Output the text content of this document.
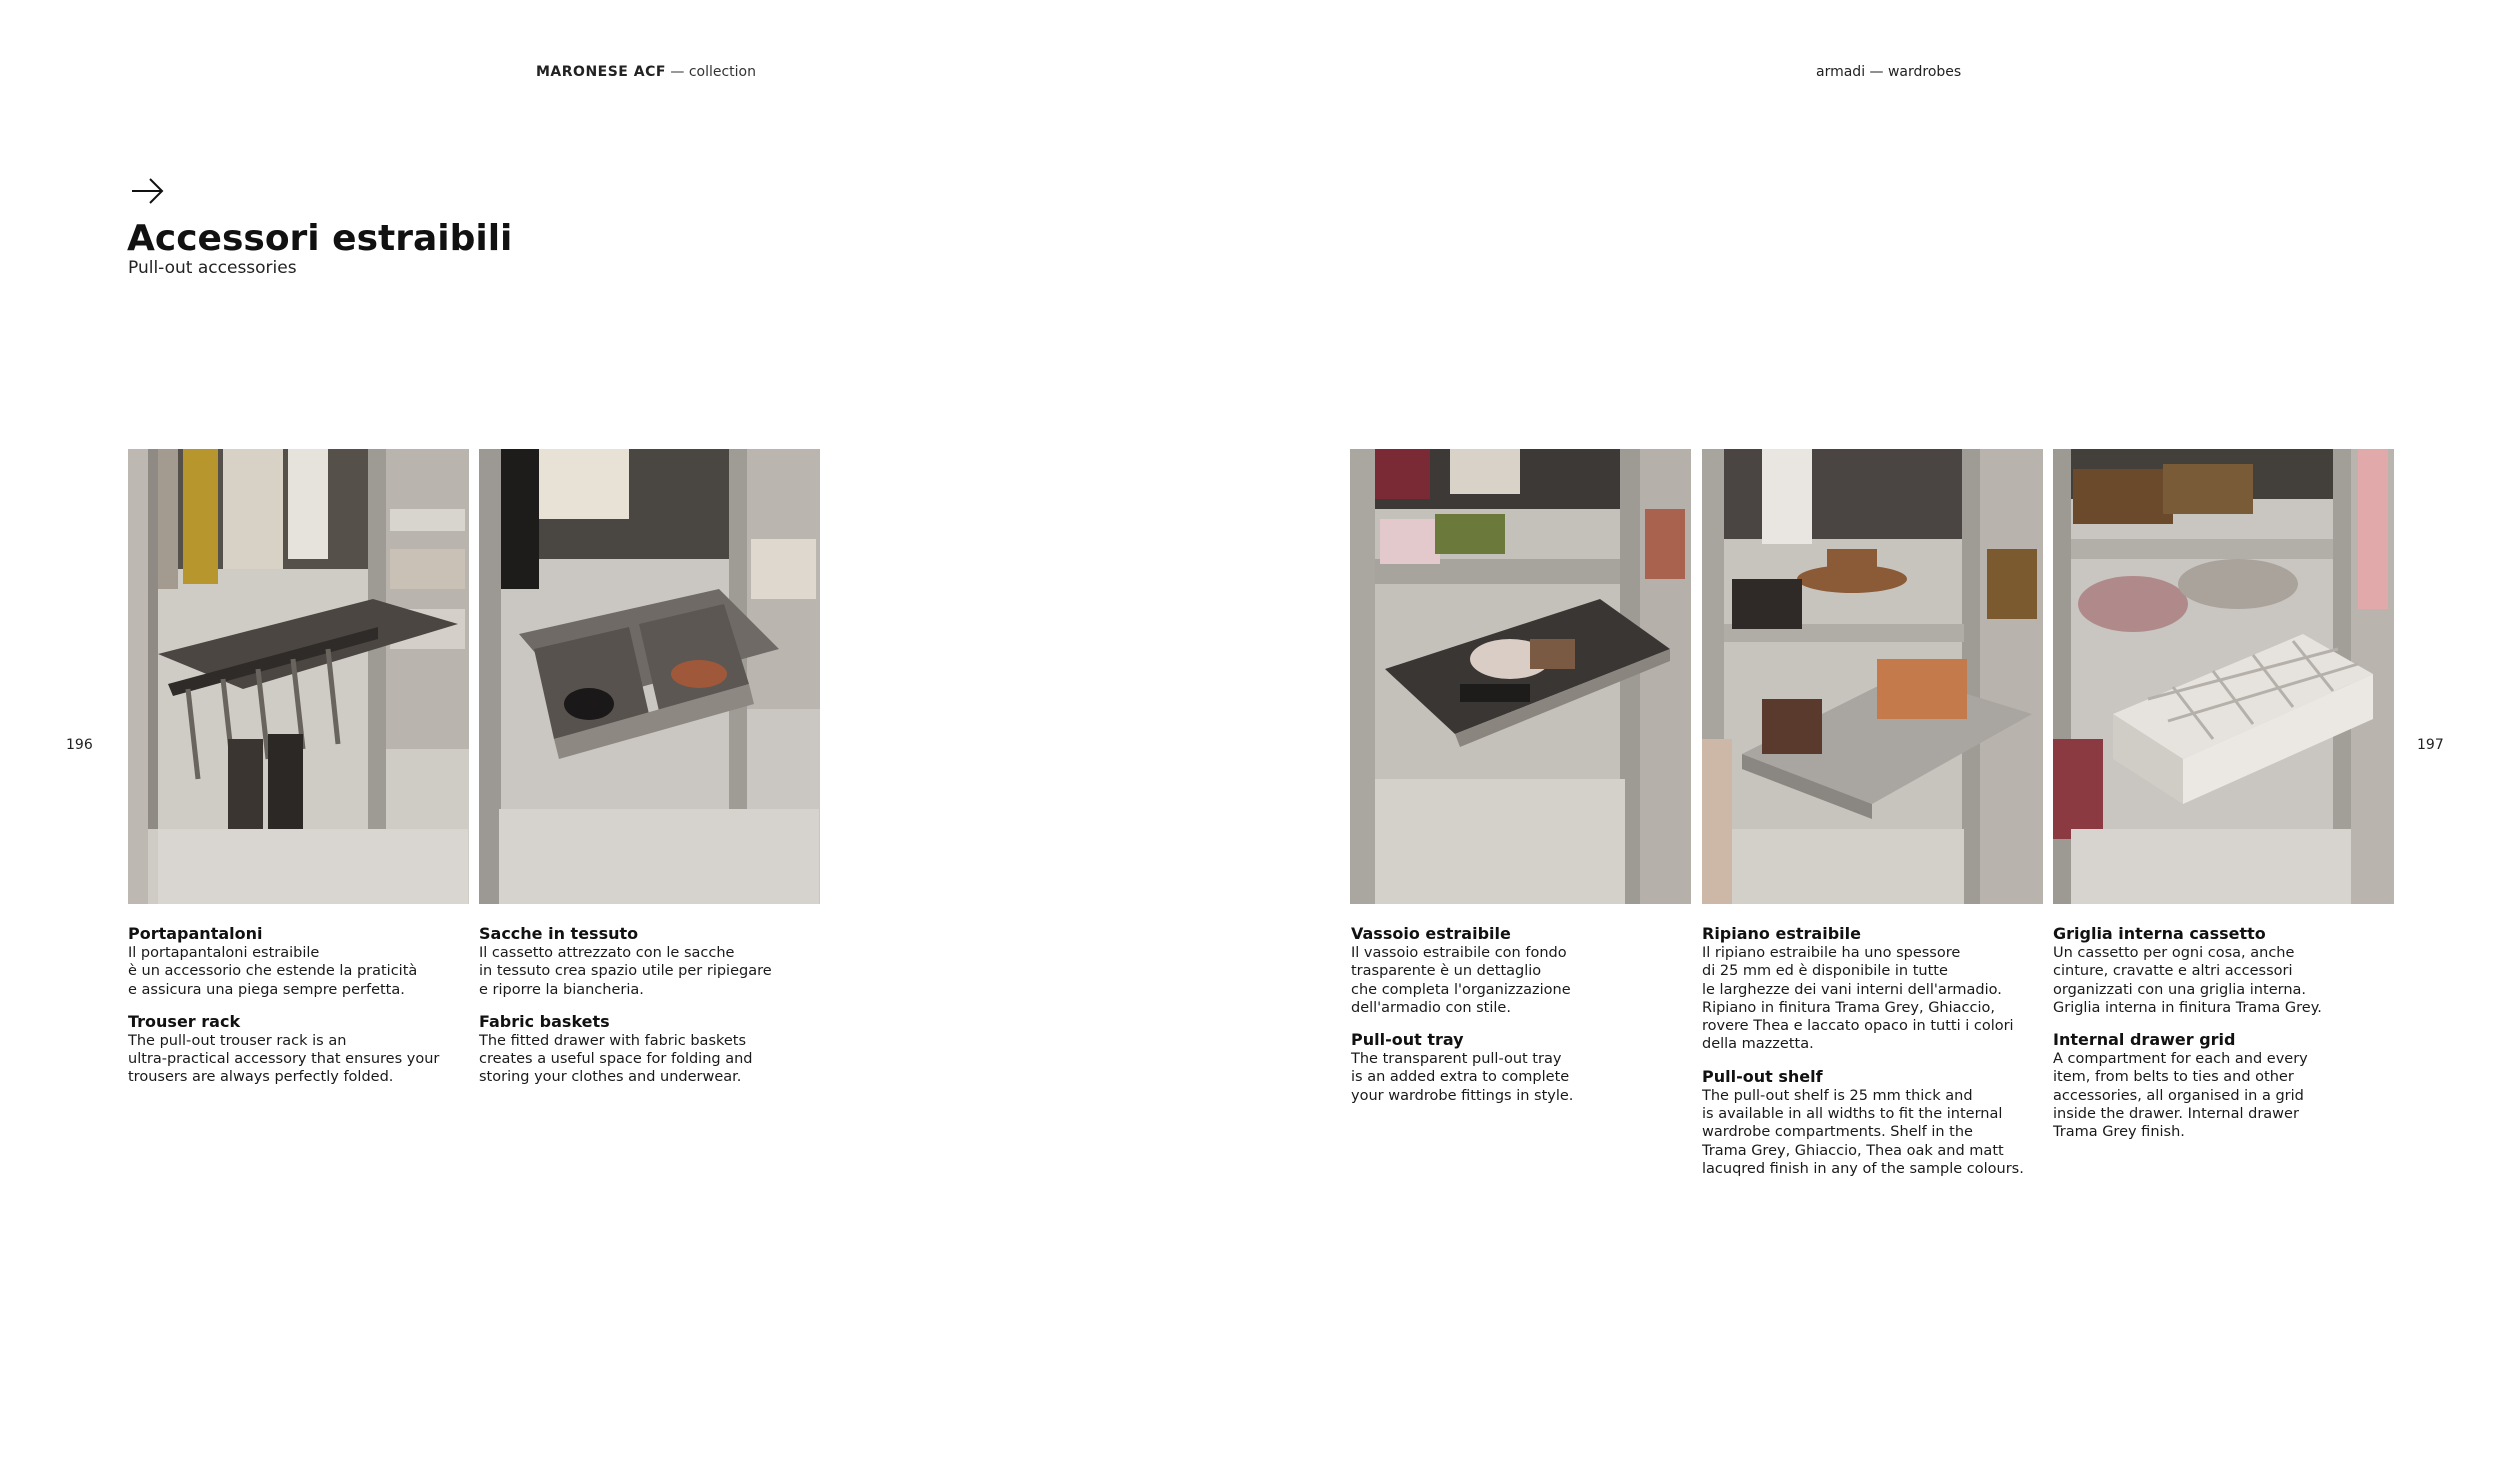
MARONESE ACF — collection	armadi — wardrobes
Accessori estraibili
Pull-out accessories
196	197

Portapantaloni

Il portapantaloni estraibile
è un accessorio che estende la praticità
e assicura una piega sempre perfetta.

Trouser rack

The pull-out trouser rack is an
ultra-practical accessory that ensures your
trousers are always perfectly folded.

Sacche in tessuto

Il cassetto attrezzato con le sacche
in tessuto crea spazio utile per ripiegare
e riporre la biancheria.

Fabric baskets

The fitted drawer with fabric baskets
creates a useful space for folding and
storing your clothes and underwear.

Vassoio estraibile

Il vassoio estraibile con fondo
trasparente è un dettaglio
che completa l'organizzazione
dell'armadio con stile.

Pull-out tray

The transparent pull-out tray
is an added extra to complete
your wardrobe fittings in style.

Ripiano estraibile

Il ripiano estraibile ha uno spessore
di 25 mm ed è disponibile in tutte
le larghezze dei vani interni dell'armadio.
Ripiano in finitura Trama Grey, Ghiaccio,
rovere Thea e laccato opaco in tutti i colori
della mazzetta.

Pull-out shelf

The pull-out shelf is 25 mm thick and
is available in all widths to fit the internal
wardrobe compartments. Shelf in the
Trama Grey, Ghiaccio, Thea oak and matt
lacuqred finish in any of the sample colours.

Griglia interna cassetto

Un cassetto per ogni cosa, anche
cinture, cravatte e altri accessori
organizzati con una griglia interna.
Griglia interna in finitura Trama Grey.

Internal drawer grid

A compartment for each and every
item, from belts to ties and other
accessories, all organised in a grid
inside the drawer. Internal drawer
Trama Grey finish.
